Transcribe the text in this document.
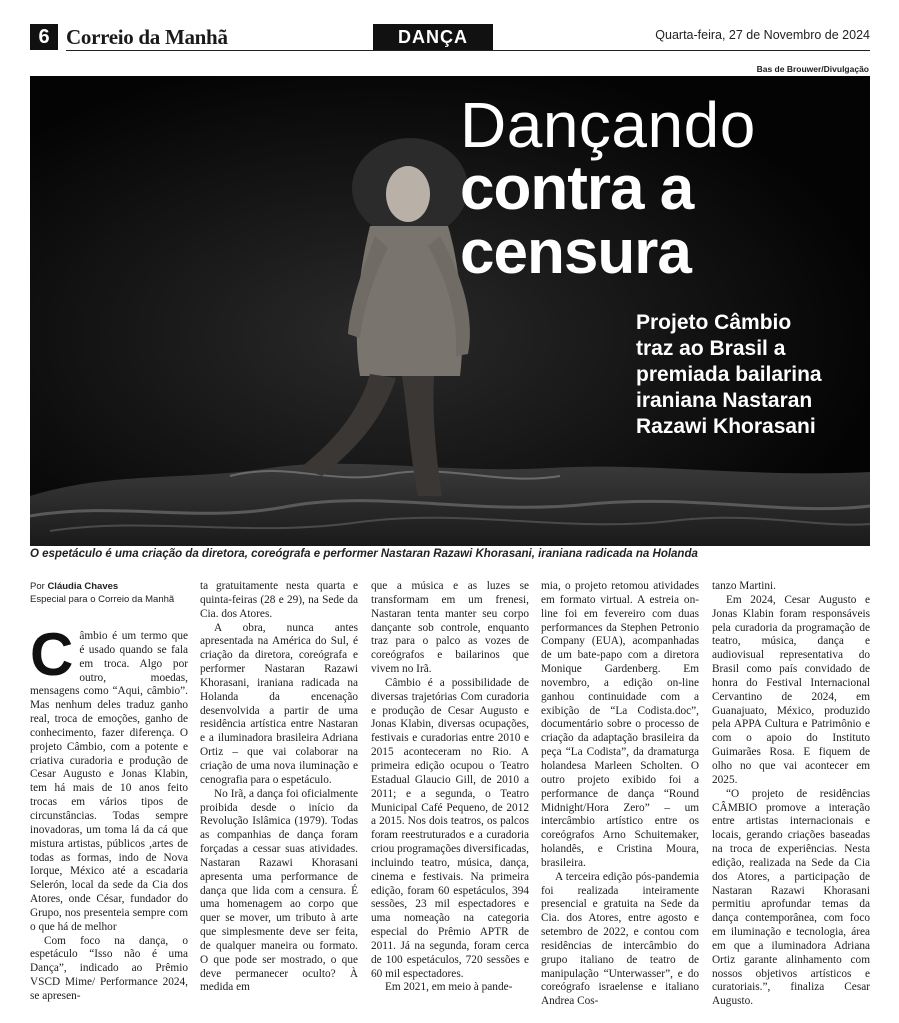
6 Correio da Manhã	DANÇA	Quarta-feira, 27 de Novembro de 2024
Bas de Brouwer/Divulgação
Dançando
contra a
censura
Projeto Câmbio
traz ao Brasil a
premiada bailarina
iraniana Nastaran
Razawi Khorasani
O espetáculo é uma criação da diretora, coreógrafa e performer Nastaran Razawi Khorasani, iraniana radicada na Holanda
Por Cláudia Chaves
Especial para o Correio da Manhã

Câmbio é um termo que é usado quando se fala em troca. Algo por outro, moedas, mensagens como “Aqui, câmbio”. Mas nenhum deles traduz ganho real, troca de emoções, ganho de conhecimento, fazer diferença. O projeto Câmbio, com a potente e criativa curadoria e produção de Cesar Augusto e Jonas Klabin, tem há mais de 10 anos feito trocas em vários tipos de circunstâncias. Todas sempre inovadoras, um toma lá da cá que mistura artistas, públicos ,artes de todas as formas, indo de Nova Iorque, México até a escadaria Selerón, local da sede da Cia dos Atores, onde César, fundador do Grupo, nos presenteia sempre com o que há de melhor

Com foco na dança, o espetáculo “Isso não é uma Dança”, indicado ao Prêmio VSCD Mime/ Performance 2024, se apresen-

ta gratuitamente nesta quarta e quinta-feiras (28 e 29), na Sede da Cia. dos Atores.

A obra, nunca antes apresentada na América do Sul, é criação da diretora, coreógrafa e performer Nastaran Razawi Khorasani, iraniana radicada na Holanda da encenação desenvolvida a partir de uma residência artística entre Nastaran e a iluminadora brasileira Adriana Ortiz – que vai colaborar na criação de uma nova iluminação e cenografia para o espetáculo.

No Irã, a dança foi oficialmente proibida desde o início da Revolução Islâmica (1979). Todas as companhias de dança foram forçadas a cessar suas atividades. Nastaran Razawi Khorasani apresenta uma performance de dança que lida com a censura. É uma homenagem ao corpo que quer se mover, um tributo à arte que simplesmente deve ser feita, de qualquer maneira ou formato. O que pode ser mostrado, o que deve permanecer oculto? À medida em

que a música e as luzes se transformam em um frenesi, Nastaran tenta manter seu corpo dançante sob controle, enquanto traz para o palco as vozes de coreógrafos e bailarinos que vivem no Irã.

Câmbio é a possibilidade de diversas trajetórias Com curadoria e produção de Cesar Augusto e Jonas Klabin, diversas ocupações, festivais e curadorias entre 2010 e 2015 aconteceram no Rio. A primeira edição ocupou o Teatro Estadual Glaucio Gill, de 2010 a 2011; e a segunda, o Teatro Municipal Café Pequeno, de 2012 a 2015. Nos dois teatros, os palcos foram reestruturados e a curadoria criou programações diversificadas, incluindo teatro, música, dança, cinema e festivais. Na primeira edição, foram 60 espetáculos, 394 sessões, 23 mil espectadores e uma nomeação na categoria especial do Prêmio APTR de 2011. Já na segunda, foram cerca de 100 espetáculos, 720 sessões e 60 mil espectadores.

Em 2021, em meio à pande-

mia, o projeto retomou atividades em formato virtual. A estreia on-line foi em fevereiro com duas performances da Stephen Petronio Company (EUA), acompanhadas de um bate-papo com a diretora Monique Gardenberg. Em novembro, a edição on-line ganhou continuidade com a exibição de “La Codista.doc”, documentário sobre o processo de criação da adaptação brasileira da peça “La Codista”, da dramaturga holandesa Marleen Scholten. O outro projeto exibido foi a performance de dança “Round Midnight/Hora Zero” – um intercâmbio artístico entre os coreógrafos Arno Schuitemaker, holandês, e Cristina Moura, brasileira.

A terceira edição pós-pandemia foi realizada inteiramente presencial e gratuita na Sede da Cia. dos Atores, entre agosto e setembro de 2022, e contou com residências de intercâmbio do grupo italiano de teatro de manipulação “Unterwasser”, e do coreógrafo israelense e italiano Andrea Cos-

tanzo Martini.

Em 2024, Cesar Augusto e Jonas Klabin foram responsáveis pela curadoria da programação de teatro, música, dança e audiovisual representativa do Brasil como país convidado de honra do Festival Internacional Cervantino de 2024, em Guanajuato, México, produzido pela APPA Cultura e Patrimônio e com o apoio do Instituto Guimarães Rosa. E fiquem de olho no que vai acontecer em 2025.

“O projeto de residências CÂMBIO promove a interação entre artistas internacionais e locais, gerando criações baseadas na troca de experiências. Nesta edição, realizada na Sede da Cia dos Atores, a participação de Nastaran Razawi Khorasani permitiu aprofundar temas da dança contemporânea, com foco em iluminação e tecnologia, área em que a iluminadora Adriana Ortiz garante alinhamento com nossos objetivos artísticos e curatoriais.”, finaliza Cesar Augusto.
